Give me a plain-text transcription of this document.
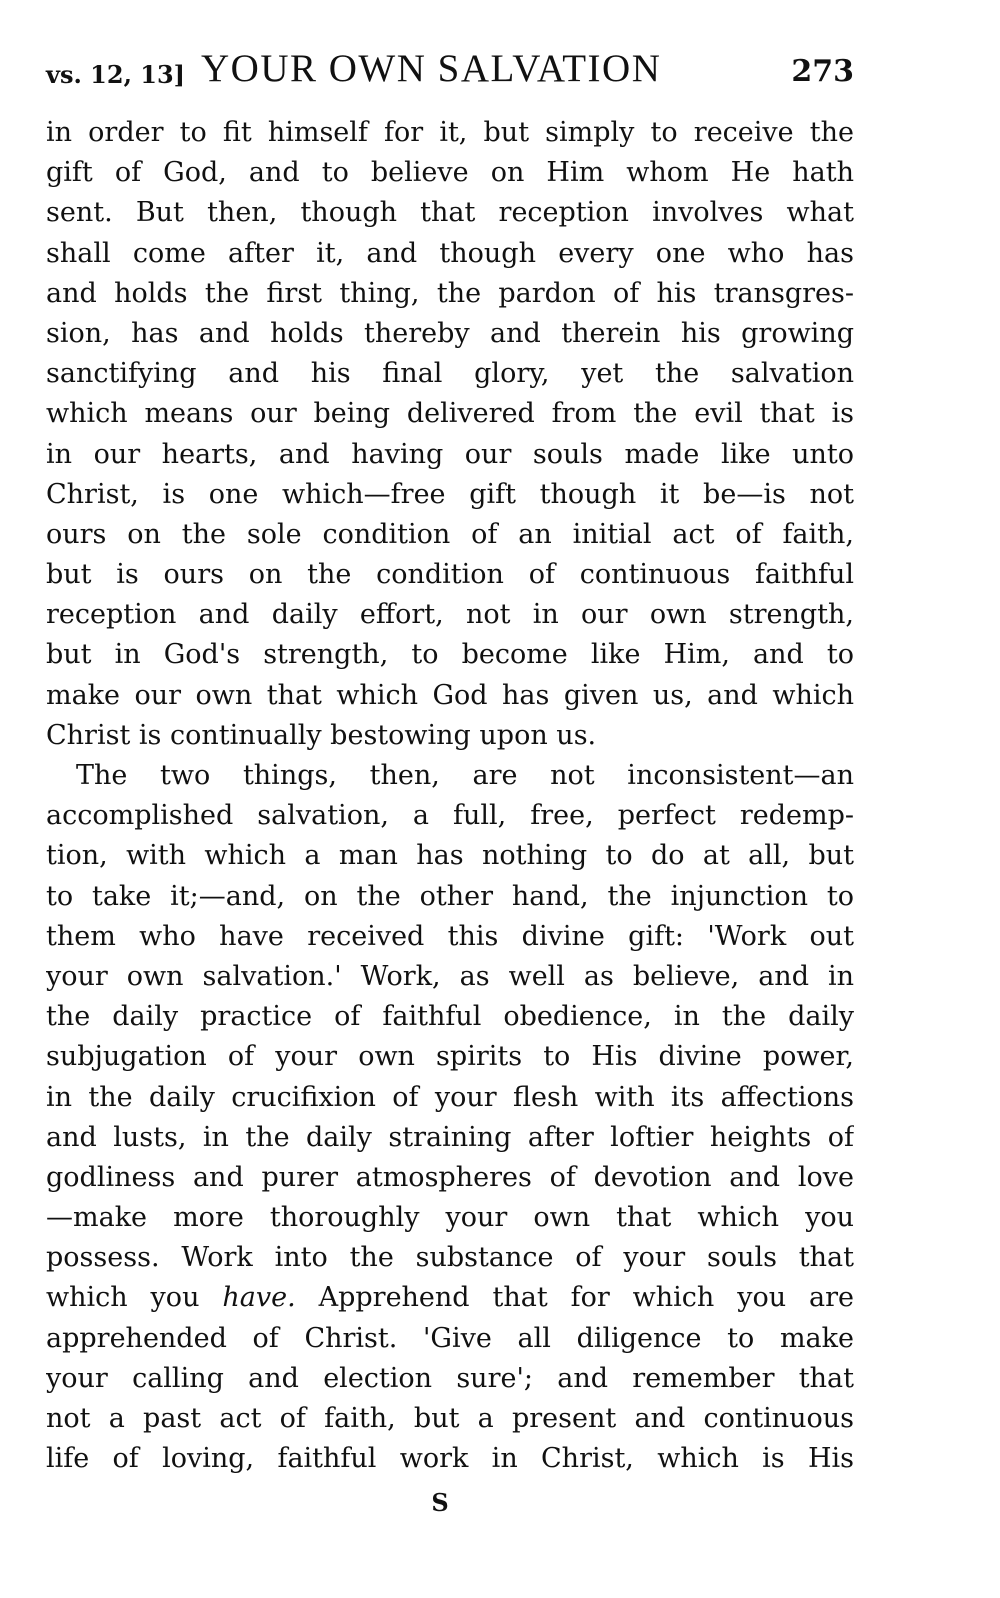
vs. 12, 13] YOUR OWN SALVATION	273
in order to fit himself for it, but simply to receive the
gift of God, and to believe on Him whom He hath
sent. But then, though that reception involves what
shall come after it, and though every one who has
and holds the first thing, the pardon of his transgres-
sion, has and holds thereby and therein his growing
sanctifying and his final glory, yet the salvation
which means our being delivered from the evil that is
in our hearts, and having our souls made like unto
Christ, is one which—free gift though it be—is not
ours on the sole condition of an initial act of faith,
but is ours on the condition of continuous faithful
reception and daily effort, not in our own strength,
but in God's strength, to become like Him, and to
make our own that which God has given us, and which
Christ is continually bestowing upon us.
The two things, then, are not inconsistent—an
accomplished salvation, a full, free, perfect redemp-
tion, with which a man has nothing to do at all, but
to take it;—and, on the other hand, the injunction to
them who have received this divine gift: 'Work out
your own salvation.' Work, as well as believe, and in
the daily practice of faithful obedience, in the daily
subjugation of your own spirits to His divine power,
in the daily crucifixion of your flesh with its affections
and lusts, in the daily straining after loftier heights of
godliness and purer atmospheres of devotion and love
—make more thoroughly your own that which you
possess. Work into the substance of your souls that
which you have. Apprehend that for which you are
apprehended of Christ. 'Give all diligence to make
your calling and election sure'; and remember that
not a past act of faith, but a present and continuous
life of loving, faithful work in Christ, which is His
S
